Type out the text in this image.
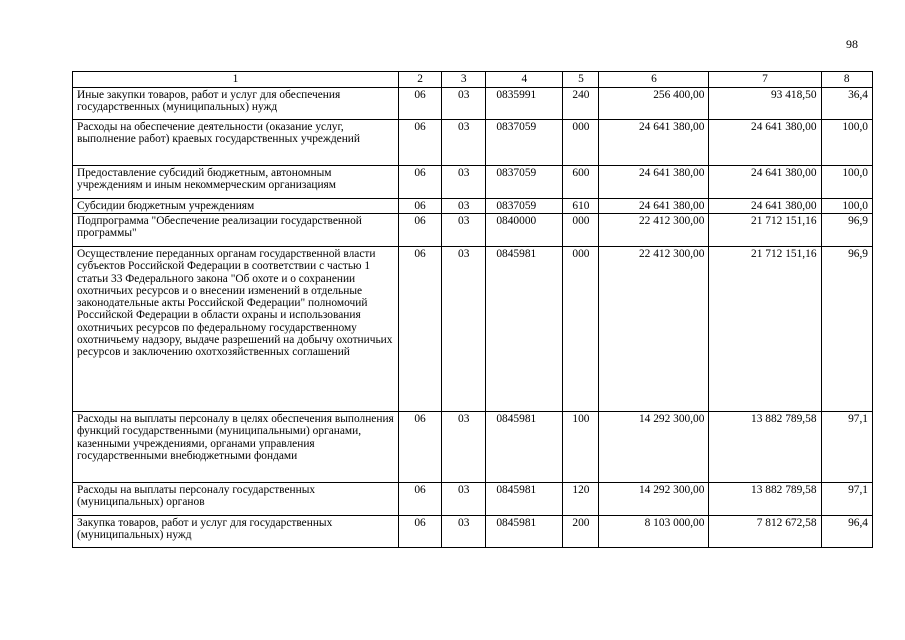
98
1	2	3	4	5	6	7	8
Иные закупки товаров, работ и услуг для обеспечения государственных (муниципальных) нужд	06	03	0835991	240	256 400,00	93 418,50	36,4
Расходы на обеспечение деятельности (оказание услуг, выполнение работ) краевых государственных учреждений	06	03	0837059	000	24 641 380,00	24 641 380,00	100,0
Предоставление субсидий бюджетным, автономным учреждениям и иным некоммерческим организациям	06	03	0837059	600	24 641 380,00	24 641 380,00	100,0
Субсидии бюджетным учреждениям	06	03	0837059	610	24 641 380,00	24 641 380,00	100,0
Подпрограмма "Обеспечение реализации государственной программы"	06	03	0840000	000	22 412 300,00	21 712 151,16	96,9
Осуществление переданных органам государственной власти субъектов Российской Федерации в соответствии с частью 1 статьи 33 Федерального закона "Об охоте и о сохранении охотничьих ресурсов и о внесении изменений в отдельные законодательные акты Российской Федерации" полномочий Российской Федерации в области охраны и использования охотничьих ресурсов по федеральному государственному охотничьему надзору, выдаче разрешений на добычу охотничьих ресурсов и заключению охотхозяйственных соглашений	06	03	0845981	000	22 412 300,00	21 712 151,16	96,9
Расходы на выплаты персоналу в целях обеспечения выполнения функций государственными (муниципальными) органами, казенными учреждениями, органами управления государственными внебюджетными фондами	06	03	0845981	100	14 292 300,00	13 882 789,58	97,1
Расходы на выплаты персоналу государственных (муниципальных) органов	06	03	0845981	120	14 292 300,00	13 882 789,58	97,1
Закупка товаров, работ и услуг для государственных (муниципальных) нужд	06	03	0845981	200	8 103 000,00	7 812 672,58	96,4
